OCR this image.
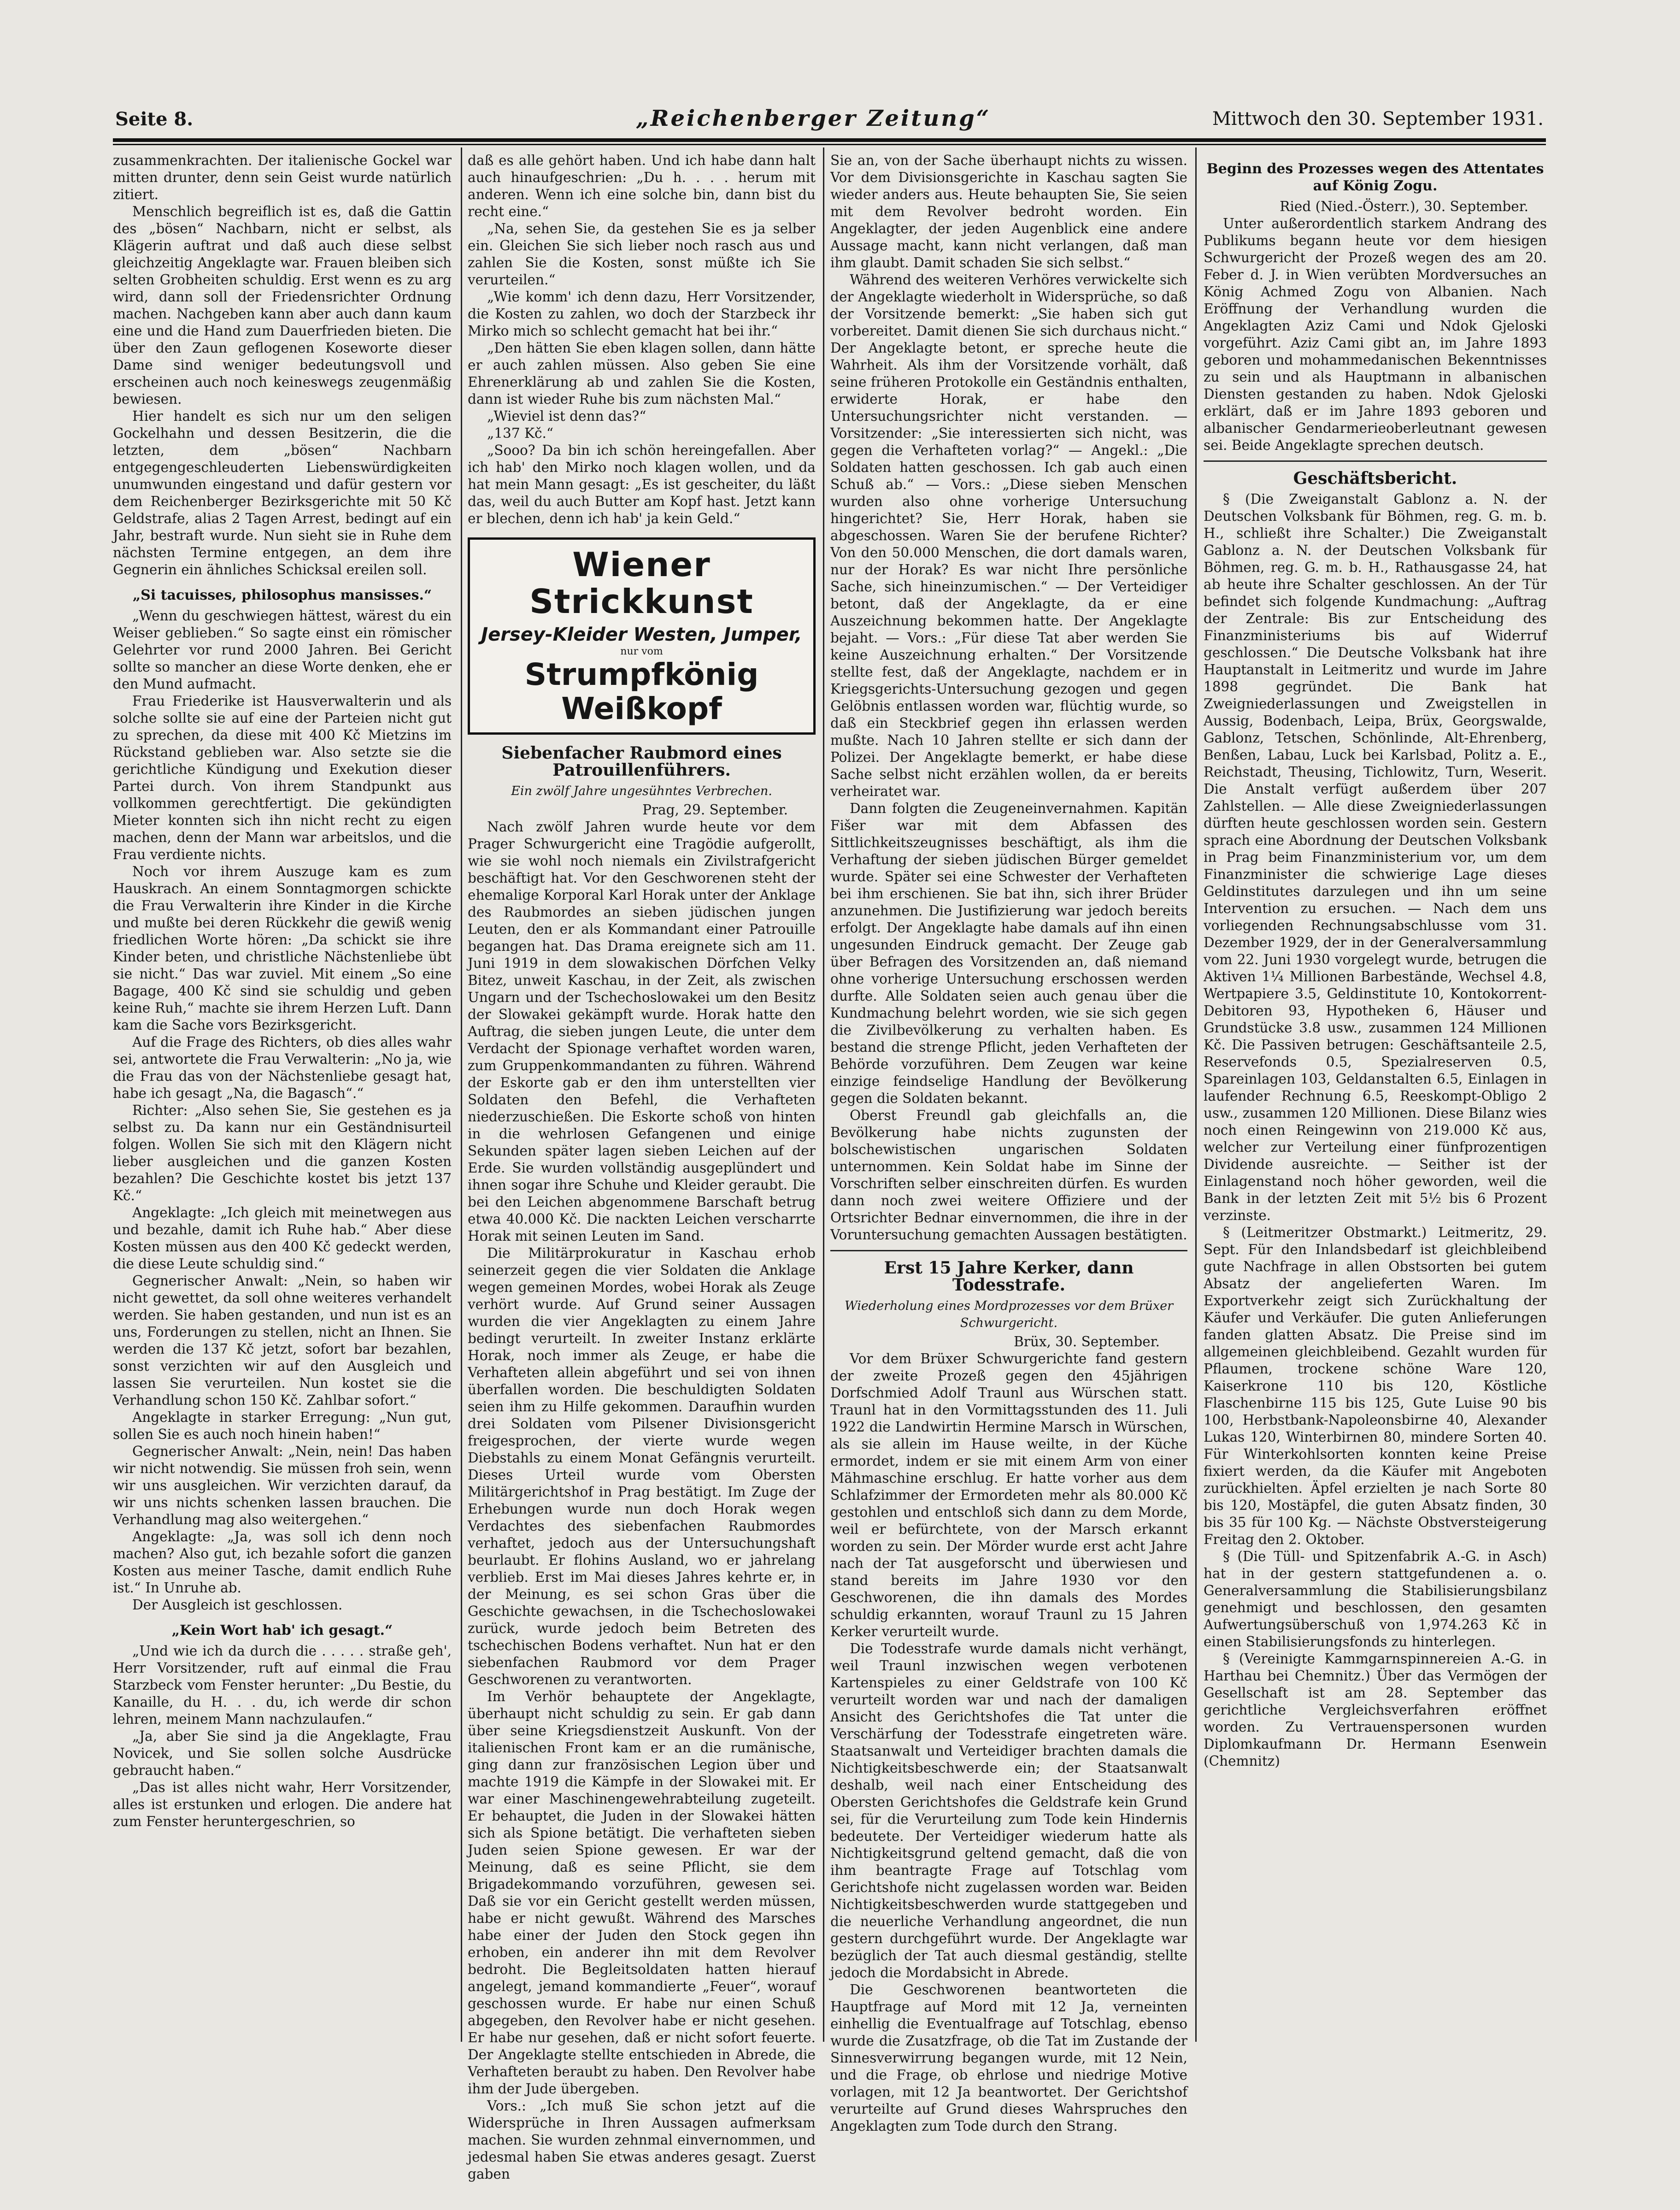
Seite 8.	„Reichenberger Zeitung“	Mittwoch den 30. September 1931.

zusammenkrachten. Der italienische Gockel war mitten drunter, denn sein Geist wurde natürlich zitiert.

Menschlich begreiflich ist es, daß die Gattin des „bösen“ Nachbarn, nicht er selbst, als Klägerin auftrat und daß auch diese selbst gleichzeitig Angeklagte war. Frauen bleiben sich selten Grobheiten schuldig. Erst wenn es zu arg wird, dann soll der Friedensrichter Ordnung machen. Nachgeben kann aber auch dann kaum eine und die Hand zum Dauerfrieden bieten. Die über den Zaun geflogenen Koseworte dieser Dame sind weniger bedeutungsvoll und erscheinen auch noch keineswegs zeugenmäßig bewiesen.

Hier handelt es sich nur um den seligen Gockelhahn und dessen Besitzerin, die die letzten, dem „bösen“ Nachbarn entgegengeschleuderten Liebenswürdigkeiten unumwunden eingestand und dafür gestern vor dem Reichenberger Bezirksgerichte mit 50 Kč Geldstrafe, alias 2 Tagen Arrest, bedingt auf ein Jahr, bestraft wurde. Nun sieht sie in Ruhe dem nächsten Termine entgegen, an dem ihre Gegnerin ein ähnliches Schicksal ereilen soll.

„Si tacuisses, philosophus mansisses.“

„Wenn du geschwiegen hättest, wärest du ein Weiser geblieben.“ So sagte einst ein römischer Gelehrter vor rund 2000 Jahren. Bei Gericht sollte so mancher an diese Worte denken, ehe er den Mund aufmacht.

Frau Friederike ist Hausverwalterin und als solche sollte sie auf eine der Parteien nicht gut zu sprechen, da diese mit 400 Kč Mietzins im Rückstand geblieben war. Also setzte sie die gerichtliche Kündigung und Exekution dieser Partei durch. Von ihrem Standpunkt aus vollkommen gerechtfertigt. Die gekündigten Mieter konnten sich ihn nicht recht zu eigen machen, denn der Mann war arbeitslos, und die Frau verdiente nichts.

Noch vor ihrem Auszuge kam es zum Hauskrach. An einem Sonntagmorgen schickte die Frau Verwalterin ihre Kinder in die Kirche und mußte bei deren Rückkehr die gewiß wenig friedlichen Worte hören: „Da schickt sie ihre Kinder beten, und christliche Nächstenliebe übt sie nicht.“ Das war zuviel. Mit einem „So eine Bagage, 400 Kč sind sie schuldig und geben keine Ruh,“ machte sie ihrem Herzen Luft. Dann kam die Sache vors Bezirksgericht.

Auf die Frage des Richters, ob dies alles wahr sei, antwortete die Frau Verwalterin: „No ja, wie die Frau das von der Nächstenliebe gesagt hat, habe ich gesagt „Na, die Bagasch“.“

Richter: „Also sehen Sie, Sie gestehen es ja selbst zu. Da kann nur ein Geständnisurteil folgen. Wollen Sie sich mit den Klägern nicht lieber ausgleichen und die ganzen Kosten bezahlen? Die Geschichte kostet bis jetzt 137 Kč.“

Angeklagte: „Ich gleich mit meinetwegen aus und bezahle, damit ich Ruhe hab.“ Aber diese Kosten müssen aus den 400 Kč gedeckt werden, die diese Leute schuldig sind.“

Gegnerischer Anwalt: „Nein, so haben wir nicht gewettet, da soll ohne weiteres verhandelt werden. Sie haben gestanden, und nun ist es an uns, Forderungen zu stellen, nicht an Ihnen. Sie werden die 137 Kč jetzt, sofort bar bezahlen, sonst verzichten wir auf den Ausgleich und lassen Sie verurteilen. Nun kostet sie die Verhandlung schon 150 Kč. Zahlbar sofort.“

Angeklagte in starker Erregung: „Nun gut, sollen Sie es auch noch hinein haben!“

Gegnerischer Anwalt: „Nein, nein! Das haben wir nicht notwendig. Sie müssen froh sein, wenn wir uns ausgleichen. Wir verzichten darauf, da wir uns nichts schenken lassen brauchen. Die Verhandlung mag also weitergehen.“

Angeklagte: „Ja, was soll ich denn noch machen? Also gut, ich bezahle sofort die ganzen Kosten aus meiner Tasche, damit endlich Ruhe ist.“ In Unruhe ab.

Der Ausgleich ist geschlossen.

„Kein Wort hab' ich gesagt.“

„Und wie ich da durch die . . . . . straße geh', Herr Vorsitzender, ruft auf einmal die Frau Starzbeck vom Fenster herunter: „Du Bestie, du Kanaille, du H. . . du, ich werde dir schon lehren, meinem Mann nachzulaufen.“

„Ja, aber Sie sind ja die Angeklagte, Frau Novicek, und Sie sollen solche Ausdrücke gebraucht haben.“

„Das ist alles nicht wahr, Herr Vorsitzender, alles ist erstunken und erlogen. Die andere hat zum Fenster heruntergeschrien, so

daß es alle gehört haben. Und ich habe dann halt auch hinaufgeschrien: „Du h. . . . herum mit anderen. Wenn ich eine solche bin, dann bist du recht eine.“

„Na, sehen Sie, da gestehen Sie es ja selber ein. Gleichen Sie sich lieber noch rasch aus und zahlen Sie die Kosten, sonst müßte ich Sie verurteilen.“

„Wie komm' ich denn dazu, Herr Vorsitzender, die Kosten zu zahlen, wo doch der Starzbeck ihr Mirko mich so schlecht gemacht hat bei ihr.“

„Den hätten Sie eben klagen sollen, dann hätte er auch zahlen müssen. Also geben Sie eine Ehrenerklärung ab und zahlen Sie die Kosten, dann ist wieder Ruhe bis zum nächsten Mal.“

„Wieviel ist denn das?“

„137 Kč.“

„Sooo? Da bin ich schön hereingefallen. Aber ich hab' den Mirko noch klagen wollen, und da hat mein Mann gesagt: „Es ist gescheiter, du läßt das, weil du auch Butter am Kopf hast. Jetzt kann er blechen, denn ich hab' ja kein Geld.“

Wiener Strickkunst
Jersey-Kleider Westen, Jumper,
nur vom
Strumpfkönig Weißkopf

Siebenfacher Raubmord eines Patrouillenführers.

Ein zwölf Jahre ungesühntes Verbrechen.

Prag, 29. September.

Nach zwölf Jahren wurde heute vor dem Prager Schwurgericht eine Tragödie aufgerollt, wie sie wohl noch niemals ein Zivilstrafgericht beschäftigt hat. Vor den Geschworenen steht der ehemalige Korporal Karl Horak unter der Anklage des Raubmordes an sieben jüdischen jungen Leuten, den er als Kommandant einer Patrouille begangen hat. Das Drama ereignete sich am 11. Juni 1919 in dem slowakischen Dörfchen Velky Bitez, unweit Kaschau, in der Zeit, als zwischen Ungarn und der Tschechoslowakei um den Besitz der Slowakei gekämpft wurde. Horak hatte den Auftrag, die sieben jungen Leute, die unter dem Verdacht der Spionage verhaftet worden waren, zum Gruppenkommandanten zu führen. Während der Eskorte gab er den ihm unterstellten vier Soldaten den Befehl, die Verhafteten niederzuschießen. Die Eskorte schoß von hinten in die wehrlosen Gefangenen und einige Sekunden später lagen sieben Leichen auf der Erde. Sie wurden vollständig ausgeplündert und ihnen sogar ihre Schuhe und Kleider geraubt. Die bei den Leichen abgenommene Barschaft betrug etwa 40.000 Kč. Die nackten Leichen verscharrte Horak mit seinen Leuten im Sand.

Die Militärprokuratur in Kaschau erhob seinerzeit gegen die vier Soldaten die Anklage wegen gemeinen Mordes, wobei Horak als Zeuge verhört wurde. Auf Grund seiner Aussagen wurden die vier Angeklagten zu einem Jahre bedingt verurteilt. In zweiter Instanz erklärte Horak, noch immer als Zeuge, er habe die Verhafteten allein abgeführt und sei von ihnen überfallen worden. Die beschuldigten Soldaten seien ihm zu Hilfe gekommen. Daraufhin wurden drei Soldaten vom Pilsener Divisionsgericht freigesprochen, der vierte wurde wegen Diebstahls zu einem Monat Gefängnis verurteilt. Dieses Urteil wurde vom Obersten Militärgerichtshof in Prag bestätigt. Im Zuge der Erhebungen wurde nun doch Horak wegen Verdachtes des siebenfachen Raubmordes verhaftet, jedoch aus der Untersuchungshaft beurlaubt. Er flohins Ausland, wo er jahrelang verblieb. Erst im Mai dieses Jahres kehrte er, in der Meinung, es sei schon Gras über die Geschichte gewachsen, in die Tschechoslowakei zurück, wurde jedoch beim Betreten des tschechischen Bodens verhaftet. Nun hat er den siebenfachen Raubmord vor dem Prager Geschworenen zu verantworten.

Im Verhör behauptete der Angeklagte, überhaupt nicht schuldig zu sein. Er gab dann über seine Kriegsdienstzeit Auskunft. Von der italienischen Front kam er an die rumänische, ging dann zur französischen Legion über und machte 1919 die Kämpfe in der Slowakei mit. Er war einer Maschinengewehrabteilung zugeteilt. Er behauptet, die Juden in der Slowakei hätten sich als Spione betätigt. Die verhafteten sieben Juden seien Spione gewesen. Er war der Meinung, daß es seine Pflicht, sie dem Brigadekommando vorzuführen, gewesen sei. Daß sie vor ein Gericht gestellt werden müssen, habe er nicht gewußt. Während des Marsches habe einer der Juden den Stock gegen ihn erhoben, ein anderer ihn mit dem Revolver bedroht. Die Begleitsoldaten hatten hierauf angelegt, jemand kommandierte „Feuer“, worauf geschossen wurde. Er habe nur einen Schuß abgegeben, den Revolver habe er nicht gesehen. Er habe nur gesehen, daß er nicht sofort feuerte. Der Angeklagte stellte entschieden in Abrede, die Verhafteten beraubt zu haben. Den Revolver habe ihm der Jude übergeben.

Vors.: „Ich muß Sie schon jetzt auf die Widersprüche in Ihren Aussagen aufmerksam machen. Sie wurden zehnmal einvernommen, und jedesmal haben Sie etwas anderes gesagt. Zuerst gaben

Sie an, von der Sache überhaupt nichts zu wissen. Vor dem Divisionsgerichte in Kaschau sagten Sie wieder anders aus. Heute behaupten Sie, Sie seien mit dem Revolver bedroht worden. Ein Angeklagter, der jeden Augenblick eine andere Aussage macht, kann nicht verlangen, daß man ihm glaubt. Damit schaden Sie sich selbst.“

Während des weiteren Verhöres verwickelte sich der Angeklagte wiederholt in Widersprüche, so daß der Vorsitzende bemerkt: „Sie haben sich gut vorbereitet. Damit dienen Sie sich durchaus nicht.“ Der Angeklagte betont, er spreche heute die Wahrheit. Als ihm der Vorsitzende vorhält, daß seine früheren Protokolle ein Geständnis enthalten, erwiderte Horak, er habe den Untersuchungsrichter nicht verstanden. — Vorsitzender: „Sie interessierten sich nicht, was gegen die Verhafteten vorlag?“ — Angekl.: „Die Soldaten hatten geschossen. Ich gab auch einen Schuß ab.“ — Vors.: „Diese sieben Menschen wurden also ohne vorherige Untersuchung hingerichtet? Sie, Herr Horak, haben sie abgeschossen. Waren Sie der berufene Richter? Von den 50.000 Menschen, die dort damals waren, nur der Horak? Es war nicht Ihre persönliche Sache, sich hineinzumischen.“ — Der Verteidiger betont, daß der Angeklagte, da er eine Auszeichnung bekommen hatte. Der Angeklagte bejaht. — Vors.: „Für diese Tat aber werden Sie keine Auszeichnung erhalten.“ Der Vorsitzende stellte fest, daß der Angeklagte, nachdem er in Kriegsgerichts-Untersuchung gezogen und gegen Gelöbnis entlassen worden war, flüchtig wurde, so daß ein Steckbrief gegen ihn erlassen werden mußte. Nach 10 Jahren stellte er sich dann der Polizei. Der Angeklagte bemerkt, er habe diese Sache selbst nicht erzählen wollen, da er bereits verheiratet war.

Dann folgten die Zeugeneinvernahmen. Kapitän Fišer war mit dem Abfassen des Sittlichkeitszeugnisses beschäftigt, als ihm die Verhaftung der sieben jüdischen Bürger gemeldet wurde. Später sei eine Schwester der Verhafteten bei ihm erschienen. Sie bat ihn, sich ihrer Brüder anzunehmen. Die Justifizierung war jedoch bereits erfolgt. Der Angeklagte habe damals auf ihn einen ungesunden Eindruck gemacht. Der Zeuge gab über Befragen des Vorsitzenden an, daß niemand ohne vorherige Untersuchung erschossen werden durfte. Alle Soldaten seien auch genau über die Kundmachung belehrt worden, wie sie sich gegen die Zivilbevölkerung zu verhalten haben. Es bestand die strenge Pflicht, jeden Verhafteten der Behörde vorzuführen. Dem Zeugen war keine einzige feindselige Handlung der Bevölkerung gegen die Soldaten bekannt.

Oberst Freundl gab gleichfalls an, die Bevölkerung habe nichts zugunsten der bolschewistischen ungarischen Soldaten unternommen. Kein Soldat habe im Sinne der Vorschriften selber einschreiten dürfen. Es wurden dann noch zwei weitere Offiziere und der Ortsrichter Bednar einvernommen, die ihre in der Voruntersuchung gemachten Aussagen bestätigten.

Erst 15 Jahre Kerker, dann Todesstrafe.

Wiederholung eines Mordprozesses vor dem Brüxer Schwurgericht.

Brüx, 30. September.

Vor dem Brüxer Schwurgerichte fand gestern der zweite Prozeß gegen den 45jährigen Dorfschmied Adolf Traunl aus Würschen statt. Traunl hat in den Vormittagsstunden des 11. Juli 1922 die Landwirtin Hermine Marsch in Würschen, als sie allein im Hause weilte, in der Küche ermordet, indem er sie mit einem Arm von einer Mähmaschine erschlug. Er hatte vorher aus dem Schlafzimmer der Ermordeten mehr als 80.000 Kč gestohlen und entschloß sich dann zu dem Morde, weil er befürchtete, von der Marsch erkannt worden zu sein. Der Mörder wurde erst acht Jahre nach der Tat ausgeforscht und überwiesen und stand bereits im Jahre 1930 vor den Geschworenen, die ihn damals des Mordes schuldig erkannten, worauf Traunl zu 15 Jahren Kerker verurteilt wurde.

Die Todesstrafe wurde damals nicht verhängt, weil Traunl inzwischen wegen verbotenen Kartenspieles zu einer Geldstrafe von 100 Kč verurteilt worden war und nach der damaligen Ansicht des Gerichtshofes die Tat unter die Verschärfung der Todesstrafe eingetreten wäre. Staatsanwalt und Verteidiger brachten damals die Nichtigkeitsbeschwerde ein; der Staatsanwalt deshalb, weil nach einer Entscheidung des Obersten Gerichtshofes die Geldstrafe kein Grund sei, für die Verurteilung zum Tode kein Hindernis bedeutete. Der Verteidiger wiederum hatte als Nichtigkeitsgrund geltend gemacht, daß die von ihm beantragte Frage auf Totschlag vom Gerichtshofe nicht zugelassen worden war. Beiden Nichtigkeitsbeschwerden wurde stattgegeben und die neuerliche Verhandlung angeordnet, die nun gestern durchgeführt wurde. Der Angeklagte war bezüglich der Tat auch diesmal geständig, stellte jedoch die Mordabsicht in Abrede.

Die Geschworenen beantworteten die Hauptfrage auf Mord mit 12 Ja, verneinten einhellig die Eventualfrage auf Totschlag, ebenso wurde die Zusatzfrage, ob die Tat im Zustande der Sinnesverwirrung begangen wurde, mit 12 Nein, und die Frage, ob ehrlose und niedrige Motive vorlagen, mit 12 Ja beantwortet. Der Gerichtshof verurteilte auf Grund dieses Wahrspruches den Angeklagten zum Tode durch den Strang.

Beginn des Prozesses wegen des Attentates auf König Zogu.

Ried (Nied.-Österr.), 30. September.

Unter außerordentlich starkem Andrang des Publikums begann heute vor dem hiesigen Schwurgericht der Prozeß wegen des am 20. Feber d. J. in Wien verübten Mordversuches an König Achmed Zogu von Albanien. Nach Eröffnung der Verhandlung wurden die Angeklagten Aziz Cami und Ndok Gjeloski vorgeführt. Aziz Cami gibt an, im Jahre 1893 geboren und mohammedanischen Bekenntnisses zu sein und als Hauptmann in albanischen Diensten gestanden zu haben. Ndok Gjeloski erklärt, daß er im Jahre 1893 geboren und albanischer Gendarmerieoberleutnant gewesen sei. Beide Angeklagte sprechen deutsch.

Geschäftsbericht.

§ (Die Zweiganstalt Gablonz a. N. der Deutschen Volksbank für Böhmen, reg. G. m. b. H., schließt ihre Schalter.) Die Zweiganstalt Gablonz a. N. der Deutschen Volksbank für Böhmen, reg. G. m. b. H., Rathausgasse 24, hat ab heute ihre Schalter geschlossen. An der Tür befindet sich folgende Kundmachung: „Auftrag der Zentrale: Bis zur Entscheidung des Finanzministeriums bis auf Widerruf geschlossen.“ Die Deutsche Volksbank hat ihre Hauptanstalt in Leitmeritz und wurde im Jahre 1898 gegründet. Die Bank hat Zweigniederlassungen und Zweigstellen in Aussig, Bodenbach, Leipa, Brüx, Georgswalde, Gablonz, Tetschen, Schönlinde, Alt-Ehrenberg, Benßen, Labau, Luck bei Karlsbad, Politz a. E., Reichstadt, Theusing, Tichlowitz, Turn, Weserit. Die Anstalt verfügt außerdem über 207 Zahlstellen. — Alle diese Zweigniederlassungen dürften heute geschlossen worden sein. Gestern sprach eine Abordnung der Deutschen Volksbank in Prag beim Finanzministerium vor, um dem Finanzminister die schwierige Lage dieses Geldinstitutes darzulegen und ihn um seine Intervention zu ersuchen. — Nach dem uns vorliegenden Rechnungsabschlusse vom 31. Dezember 1929, der in der Generalversammlung vom 22. Juni 1930 vorgelegt wurde, betrugen die Aktiven 1¼ Millionen Barbestände, Wechsel 4.8, Wertpapiere 3.5, Geldinstitute 10, Kontokorrent-Debitoren 93, Hypotheken 6, Häuser und Grundstücke 3.8 usw., zusammen 124 Millionen Kč. Die Passiven betrugen: Geschäftsanteile 2.5, Reservefonds 0.5, Spezialreserven 0.5, Spareinlagen 103, Geldanstalten 6.5, Einlagen in laufender Rechnung 6.5, Reeskompt-Obligo 2 usw., zusammen 120 Millionen. Diese Bilanz wies noch einen Reingewinn von 219.000 Kč aus, welcher zur Verteilung einer fünfprozentigen Dividende ausreichte. — Seither ist der Einlagenstand noch höher geworden, weil die Bank in der letzten Zeit mit 5½ bis 6 Prozent verzinste.

§ (Leitmeritzer Obstmarkt.) Leitmeritz, 29. Sept. Für den Inlandsbedarf ist gleichbleibend gute Nachfrage in allen Obstsorten bei gutem Absatz der angelieferten Waren. Im Exportverkehr zeigt sich Zurückhaltung der Käufer und Verkäufer. Die guten Anlieferungen fanden glatten Absatz. Die Preise sind im allgemeinen gleichbleibend. Gezahlt wurden für Pflaumen, trockene schöne Ware 120, Kaiserkrone 110 bis 120, Köstliche Flaschenbirne 115 bis 125, Gute Luise 90 bis 100, Herbstbank-Napoleonsbirne 40, Alexander Lukas 120, Winterbirnen 80, mindere Sorten 40. Für Winterkohlsorten konnten keine Preise fixiert werden, da die Käufer mit Angeboten zurückhielten. Äpfel erzielten je nach Sorte 80 bis 120, Mostäpfel, die guten Absatz finden, 30 bis 35 für 100 Kg. — Nächste Obstversteigerung Freitag den 2. Oktober.

§ (Die Tüll- und Spitzenfabrik A.-G. in Asch) hat in der gestern stattgefundenen a. o. Generalversammlung die Stabilisierungsbilanz genehmigt und beschlossen, den gesamten Aufwertungsüberschuß von 1,974.263 Kč in einen Stabilisierungsfonds zu hinterlegen.

§ (Vereinigte Kammgarnspinnereien A.-G. in Harthau bei Chemnitz.) Über das Vermögen der Gesellschaft ist am 28. September das gerichtliche Vergleichsverfahren eröffnet worden. Zu Vertrauenspersonen wurden Diplomkaufmann Dr. Hermann Esenwein (Chemnitz)
